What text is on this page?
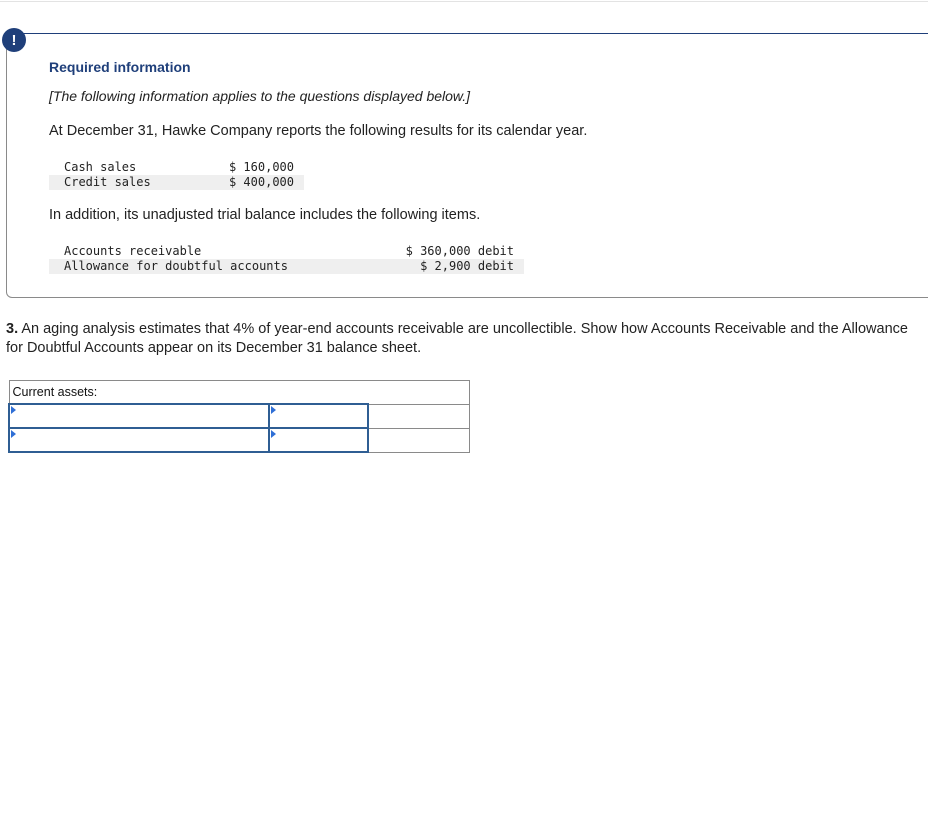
!
Required information
[The following information applies to the questions displayed below.]
At December 31, Hawke Company reports the following results for its calendar year.
Cash sales	$ 160,000
Credit sales	$ 400,000
In addition, its unadjusted trial balance includes the following items.
Accounts receivable	$ 360,000 debit
Allowance for doubtful accounts	$ 2,900 debit
3. An aging analysis estimates that 4% of year-end accounts receivable are uncollectible. Show how Accounts Receivable and the Allowance for Doubtful Accounts appear on its December 31 balance sheet.
Current assets:		
